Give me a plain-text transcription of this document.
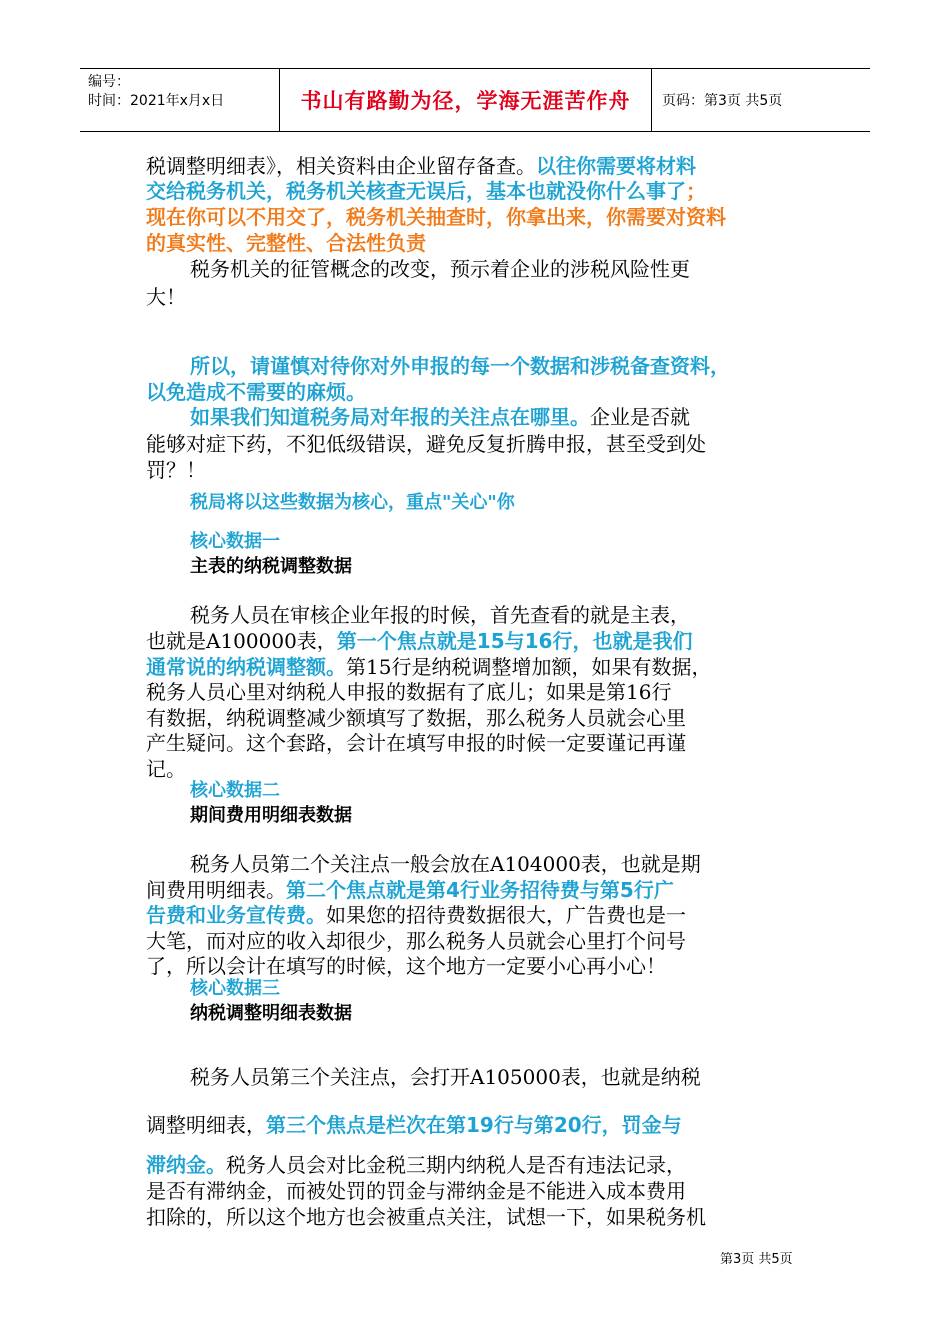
编号：
时间：2021年x月x日	书山有路勤为径，学海无涯苦作舟	页码：第3页 共5页
税调整明细表》，相关资料由企业留存备查。以往你需要将材料
交给税务机关，税务机关核查无误后，基本也就没你什么事了；
现在你可以不用交了，税务机关抽查时，你拿出来，你需要对资料
的真实性、完整性、合法性负责
税务机关的征管概念的改变，预示着企业的涉税风险性更
大！
所以，请谨慎对待你对外申报的每一个数据和涉税备查资料，
以免造成不需要的麻烦。
如果我们知道税务局对年报的关注点在哪里。企业是否就
能够对症下药，不犯低级错误，避免反复折腾申报，甚至受到处
罚？！
税局将以这些数据为核心，重点"关心"你
核心数据一
主表的纳税调整数据
税务人员在审核企业年报的时候，首先查看的就是主表，
也就是A100000表，第一个焦点就是15与16行，也就是我们
通常说的纳税调整额。第15行是纳税调整增加额，如果有数据，
税务人员心里对纳税人申报的数据有了底儿；如果是第16行
有数据，纳税调整减少额填写了数据，那么税务人员就会心里
产生疑问。这个套路，会计在填写申报的时候一定要谨记再谨
记。
核心数据二
期间费用明细表数据
税务人员第二个关注点一般会放在A104000表，也就是期
间费用明细表。第二个焦点就是第4行业务招待费与第5行广
告费和业务宣传费。如果您的招待费数据很大，广告费也是一
大笔，而对应的收入却很少，那么税务人员就会心里打个问号
了，所以会计在填写的时候，这个地方一定要小心再小心！
核心数据三
纳税调整明细表数据
税务人员第三个关注点，会打开A105000表，也就是纳税
调整明细表，第三个焦点是栏次在第19行与第20行，罚金与
滞纳金。税务人员会对比金税三期内纳税人是否有违法记录，
是否有滞纳金，而被处罚的罚金与滞纳金是不能进入成本费用
扣除的，所以这个地方也会被重点关注，试想一下，如果税务机
第3页 共5页
